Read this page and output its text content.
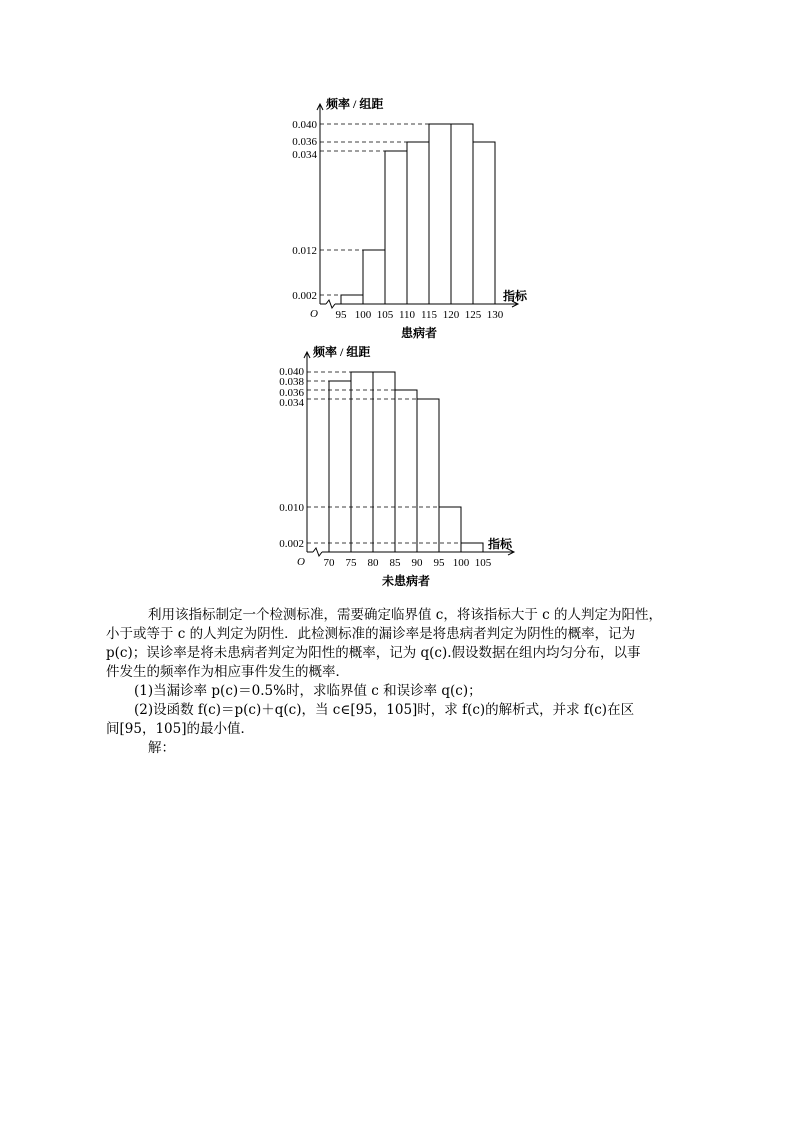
频率 / 组距
指标
O
0.002
0.012
0.034
0.036
0.040
95 100 105 110 115 120 125 130
患病者
频率 / 组距
指标
O
0.002
0.010
0.034
0.036
0.038
0.040
70 75 80 85 90 95 100 105
未患病者
利用该指标制定一个检测标准，需要确定临界值 c，将该指标大于 c 的人判定为阳性，
小于或等于 c 的人判定为阴性．此检测标准的漏诊率是将患病者判定为阴性的概率，记为
p(c)；误诊率是将未患病者判定为阳性的概率，记为 q(c).假设数据在组内均匀分布，以事
件发生的频率作为相应事件发生的概率．
(1)当漏诊率 p(c)＝0.5%时，求临界值 c 和误诊率 q(c)；
(2)设函数 f(c)＝p(c)＋q(c)，当 c∈[95，105]时，求 f(c)的解析式，并求 f(c)在区
间[95，105]的最小值．
解：
